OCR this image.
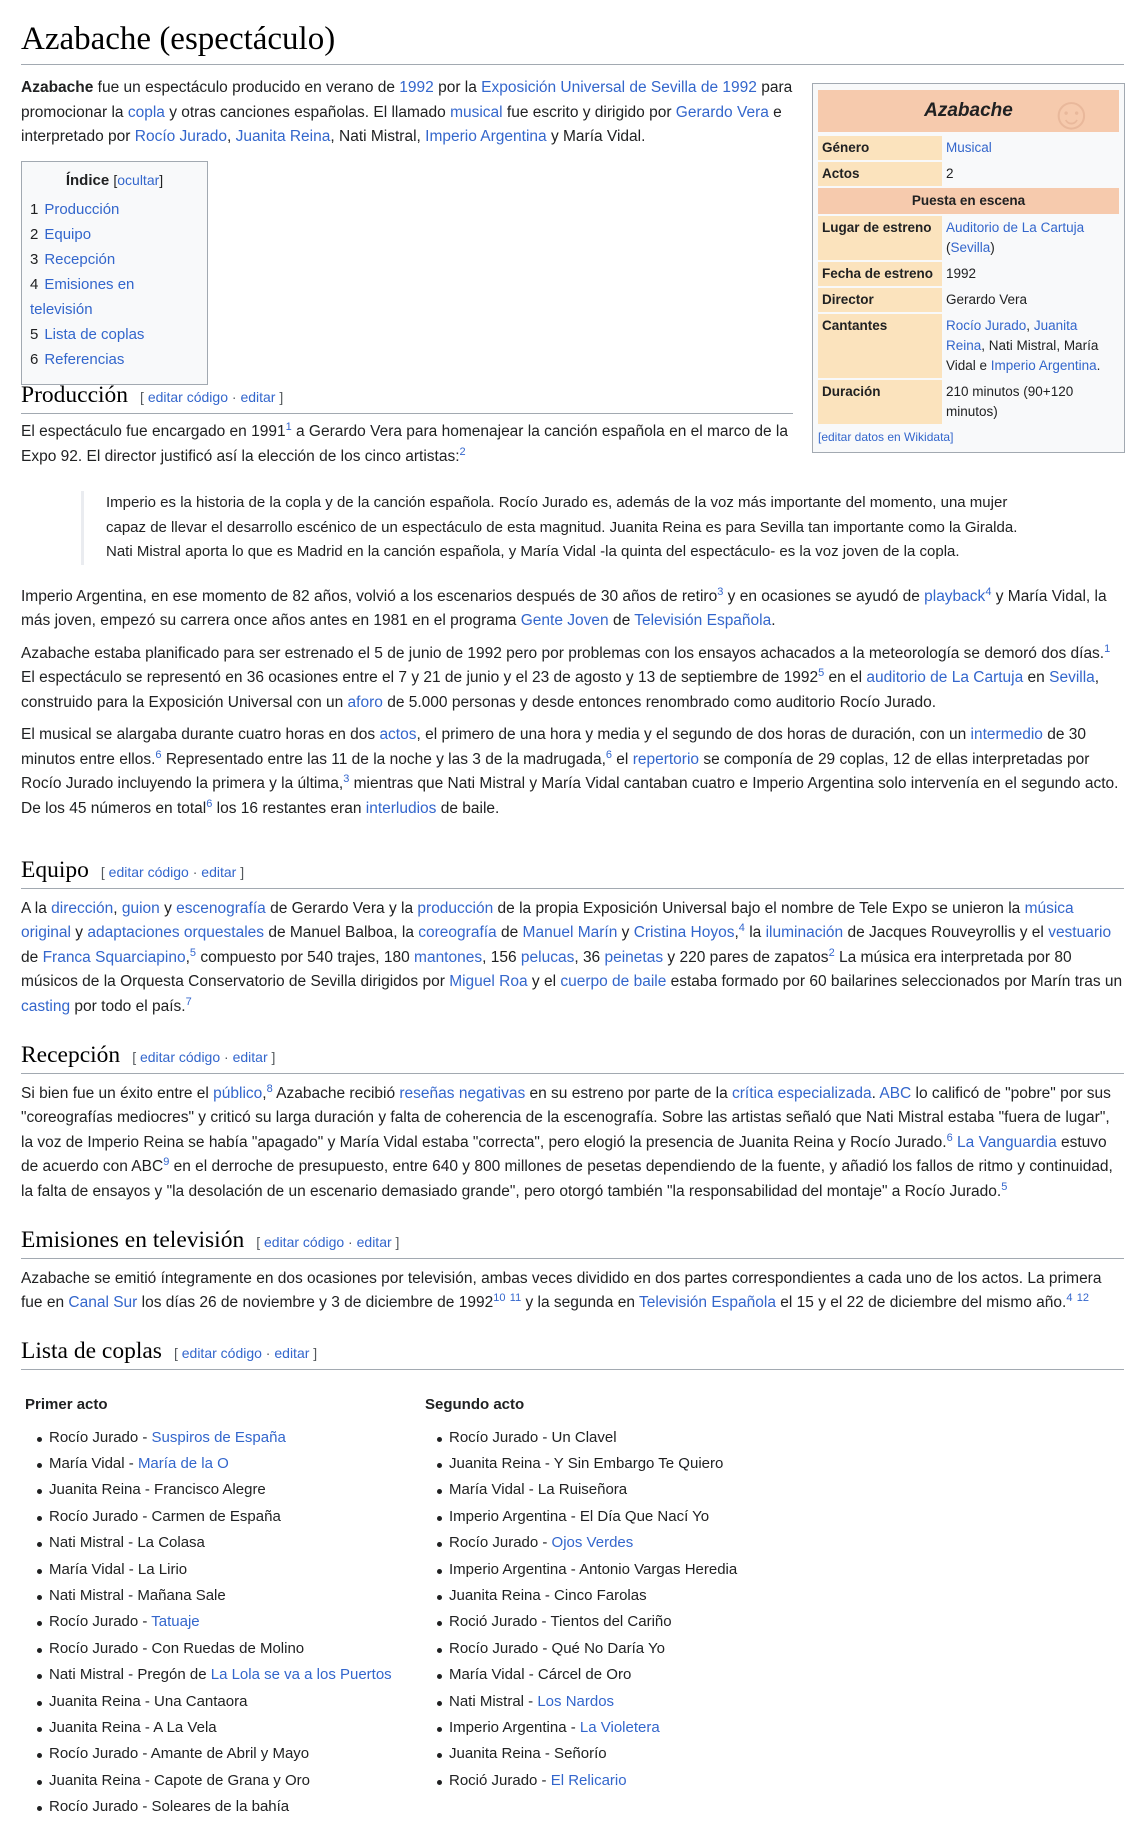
Azabache (espectáculo)

Azabache fue un espectáculo producido en verano de 1992 por la Exposición Universal de Sevilla de 1992 para promocionar la copla y otras canciones españolas. El llamado musical fue escrito y dirigido por Gerardo Vera e interpretado por Rocío Jurado, Juanita Reina, Nati Mistral, Imperio Argentina y María Vidal.

Índice [ocultar]
1 Producción
2 Equipo
3 Recepción
4 Emisiones en televisión
5 Lista de coplas
6 Referencias
☺
Azabache
Género	Musical
Actos	2
Puesta en escena	
Lugar de estreno	Auditorio de La Cartuja (Sevilla)
Fecha de estreno	1992
Director	Gerardo Vera
Cantantes	Rocío Jurado, Juanita Reina, Nati Mistral, María Vidal e Imperio Argentina.
Duración	210 minutos (90+120 minutos)
[editar datos en Wikidata]
Producción [ editar código · editar ]

El espectáculo fue encargado en 1991$^1$ a Gerardo Vera para homenajear la canción española en el marco de la Expo 92. El director justificó así la elección de los cinco artistas:$^2$

Imperio es la historia de la copla y de la canción española. Rocío Jurado es, además de la voz más importante del momento, una mujer capaz de llevar el desarrollo escénico de un espectáculo de esta magnitud. Juanita Reina es para Sevilla tan importante como la Giralda. Nati Mistral aporta lo que es Madrid en la canción española, y María Vidal -la quinta del espectáculo- es la voz joven de la copla.

Imperio Argentina, en ese momento de 82 años, volvió a los escenarios después de 30 años de retiro$^3$ y en ocasiones se ayudó de playback$^4$ y María Vidal, la más joven, empezó su carrera once años antes en 1981 en el programa Gente Joven de Televisión Española.

Azabache estaba planificado para ser estrenado el 5 de junio de 1992 pero por problemas con los ensayos achacados a la meteorología se demoró dos días.$^1$ El espectáculo se representó en 36 ocasiones entre el 7 y 21 de junio y el 23 de agosto y 13 de septiembre de 1992$^5$ en el auditorio de La Cartuja en Sevilla, construido para la Exposición Universal con un aforo de 5.000 personas y desde entonces renombrado como auditorio Rocío Jurado.

El musical se alargaba durante cuatro horas en dos actos, el primero de una hora y media y el segundo de dos horas de duración, con un intermedio de 30 minutos entre ellos.$^6$ Representado entre las 11 de la noche y las 3 de la madrugada,$^6$ el repertorio se componía de 29 coplas, 12 de ellas interpretadas por Rocío Jurado incluyendo la primera y la última,$^3$ mientras que Nati Mistral y María Vidal cantaban cuatro e Imperio Argentina solo intervenía en el segundo acto. De los 45 números en total$^6$ los 16 restantes eran interludios de baile.

Equipo [ editar código · editar ]

A la dirección, guion y escenografía de Gerardo Vera y la producción de la propia Exposición Universal bajo el nombre de Tele Expo se unieron la música original y adaptaciones orquestales de Manuel Balboa, la coreografía de Manuel Marín y Cristina Hoyos,$^4$ la iluminación de Jacques Rouveyrollis y el vestuario de Franca Squarciapino,$^5$ compuesto por 540 trajes, 180 mantones, 156 pelucas, 36 peinetas y 220 pares de zapatos$^2$ La música era interpretada por 80 músicos de la Orquesta Conservatorio de Sevilla dirigidos por Miguel Roa y el cuerpo de baile estaba formado por 60 bailarines seleccionados por Marín tras un casting por todo el país.$^7$

Recepción [ editar código · editar ]

Si bien fue un éxito entre el público,$^8$ Azabache recibió reseñas negativas en su estreno por parte de la crítica especializada. ABC lo calificó de "pobre" por sus "coreografías mediocres" y criticó su larga duración y falta de coherencia de la escenografía. Sobre las artistas señaló que Nati Mistral estaba "fuera de lugar", la voz de Imperio Reina se había "apagado" y María Vidal estaba "correcta", pero elogió la presencia de Juanita Reina y Rocío Jurado.$^6$ La Vanguardia estuvo de acuerdo con ABC$^9$ en el derroche de presupuesto, entre 640 y 800 millones de pesetas dependiendo de la fuente, y añadió los fallos de ritmo y continuidad, la falta de ensayos y "la desolación de un escenario demasiado grande", pero otorgó también "la responsabilidad del montaje" a Rocío Jurado.$^5$

Emisiones en televisión [ editar código · editar ]

Azabache se emitió íntegramente en dos ocasiones por televisión, ambas veces dividido en dos partes correspondientes a cada uno de los actos. La primera fue en Canal Sur los días 26 de noviembre y 3 de diciembre de 1992$^{10}$ $^{11}$ y la segunda en Televisión Española el 15 y el 22 de diciembre del mismo año.$^4$ $^{12}$

Lista de coplas [ editar código · editar ]
Primer acto
Rocío Jurado - Suspiros de España
María Vidal - María de la O
Juanita Reina - Francisco Alegre
Rocío Jurado - Carmen de España
Nati Mistral - La Colasa
María Vidal - La Lirio
Nati Mistral - Mañana Sale
Rocío Jurado - Tatuaje
Rocío Jurado - Con Ruedas de Molino
Nati Mistral - Pregón de La Lola se va a los Puertos
Juanita Reina - Una Cantaora
Juanita Reina - A La Vela
Rocío Jurado - Amante de Abril y Mayo
Juanita Reina - Capote de Grana y Oro
Rocío Jurado - Soleares de la bahía
Segundo acto
Rocío Jurado - Un Clavel
Juanita Reina - Y Sin Embargo Te Quiero
María Vidal - La Ruiseñora
Imperio Argentina - El Día Que Nací Yo
Rocío Jurado - Ojos Verdes
Imperio Argentina - Antonio Vargas Heredia
Juanita Reina - Cinco Farolas
Roció Jurado - Tientos del Cariño
Rocío Jurado - Qué No Daría Yo
María Vidal - Cárcel de Oro
Nati Mistral - Los Nardos
Imperio Argentina - La Violetera
Juanita Reina - Señorío
Roció Jurado - El Relicario
